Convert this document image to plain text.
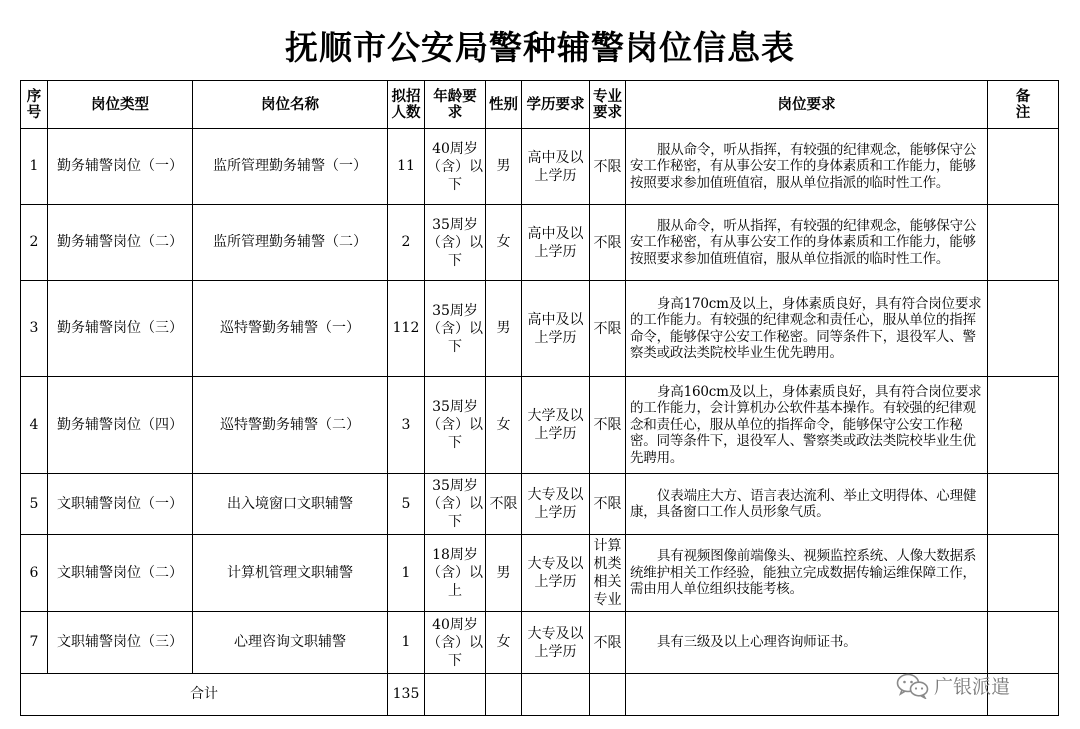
抚顺市公安局警种辅警岗位信息表
序号	岗位类型	岗位名称	拟招人数	年龄要求	性别	学历要求	专业要求	岗位要求	备注
1	勤务辅警岗位（一）	监所管理勤务辅警（一）	11	40周岁（含）以下	男	高中及以上学历	不限	服从命令，听从指挥，有较强的纪律观念，能够保守公安工作秘密，有从事公安工作的身体素质和工作能力，能够按照要求参加值班值宿，服从单位指派的临时性工作。	
2	勤务辅警岗位（二）	监所管理勤务辅警（二）	2	35周岁（含）以下	女	高中及以上学历	不限	服从命令，听从指挥，有较强的纪律观念，能够保守公安工作秘密，有从事公安工作的身体素质和工作能力，能够按照要求参加值班值宿，服从单位指派的临时性工作。	
3	勤务辅警岗位（三）	巡特警勤务辅警（一）	112	35周岁（含）以下	男	高中及以上学历	不限	身高170cm及以上，身体素质良好，具有符合岗位要求的工作能力。有较强的纪律观念和责任心，服从单位的指挥命令，能够保守公安工作秘密。同等条件下，退役军人、警察类或政法类院校毕业生优先聘用。	
4	勤务辅警岗位（四）	巡特警勤务辅警（二）	3	35周岁（含）以下	女	大学及以上学历	不限	身高160cm及以上，身体素质良好，具有符合岗位要求的工作能力，会计算机办公软件基本操作。有较强的纪律观念和责任心，服从单位的指挥命令，能够保守公安工作秘密。同等条件下，退役军人、警察类或政法类院校毕业生优先聘用。	
5	文职辅警岗位（一）	出入境窗口文职辅警	5	35周岁（含）以下	不限	大专及以上学历	不限	仪表端庄大方、语言表达流利、举止文明得体、心理健康，具备窗口工作人员形象气质。	
6	文职辅警岗位（二）	计算机管理文职辅警	1	18周岁（含）以上	男	大专及以上学历	计算机类相关专业	具有视频图像前端像头、视频监控系统、人像大数据系统维护相关工作经验，能独立完成数据传输运维保障工作，需由用人单位组织技能考核。	
7	文职辅警岗位（三）	心理咨询文职辅警	1	40周岁（含）以下	女	大专及以上学历	不限	具有三级及以上心理咨询师证书。	
合计			135							广银派遣
